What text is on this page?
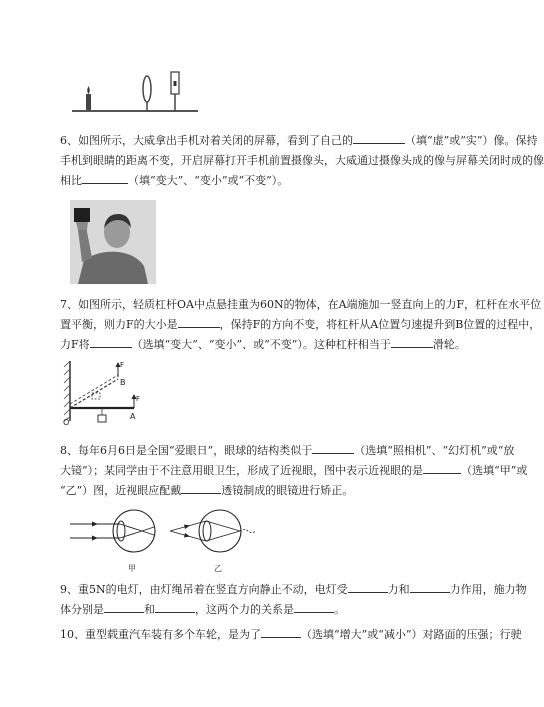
6、如图所示，大威拿出手机对着关闭的屏幕，看到了自己的	（填“虚”或“实”）像。保持
手机到眼睛的距离不变，开启屏幕打开手机前置摄像头，大威通过摄像头成的像与屏幕关闭时成的像
相比	（填“变大”、“变小”或“不变”）。
7、如图所示，轻质杠杆OA中点悬挂重为60N的物体，在A端施加一竖直向上的力F，杠杆在水平位
置平衡，则力F的大小是	，保持F的方向不变，将杠杆从A位置匀速提升到B位置的过程中，
力F将	（选填“变大”、“变小”、或“不变”）。这种杠杆相当于	滑轮。
O
A
B
F
F
8、每年6月6日是全国“爱眼日”，眼球的结构类似于	（选填“照相机”、“幻灯机”或“放
大镜”）；某同学由于不注意用眼卫生，形成了近视眼，图中表示近视眼的是	（选填“甲”或
“乙”）图，近视眼应配戴	透镜制成的眼镜进行矫正。
甲	乙
9、重5N的电灯，由灯绳吊着在竖直方向静止不动，电灯受	力和	力作用，施力物
体分别是	和	，这两个力的关系是	。
10、重型载重汽车装有多个车轮，是为了	（选填“增大”或“减小”）对路面的压强；行驶
